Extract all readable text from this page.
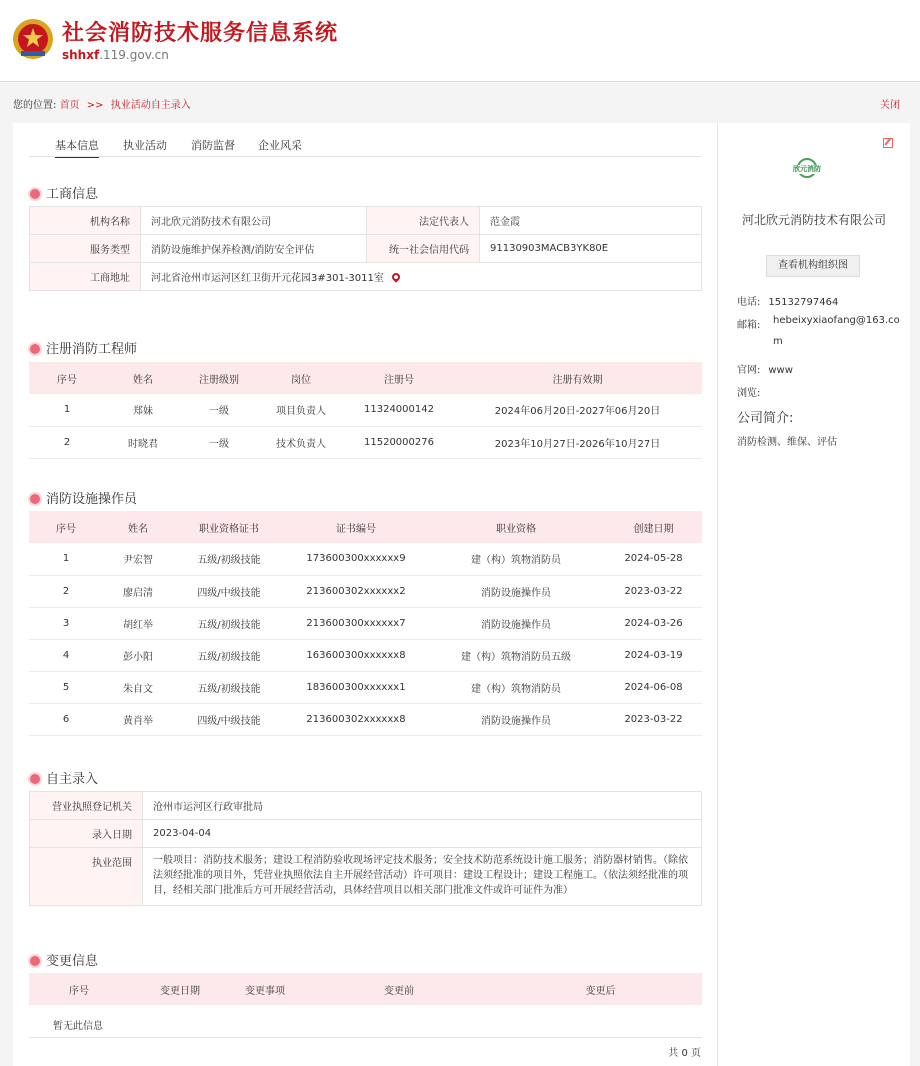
社会消防技术服务信息系统
shhxf.119.gov.cn
您的位置: 首页 >> 执业活动自主录入	关闭
基本信息 执业活动 消防监督 企业风采
工商信息
机构名称	河北欣元消防技术有限公司	法定代表人	范金霞
服务类型	消防设施维护保养检测/消防安全评估	统一社会信用代码	91130903MACB3YK80E
工商地址	河北省沧州市运河区红卫街开元花园3#301-3011室		
注册消防工程师
序号	姓名	注册级别	岗位	注册号	注册有效期
1	郑妹	一级	项目负责人	11324000142	2024年06月20日-2027年06月20日
2	时晓君	一级	技术负责人	11520000276	2023年10月27日-2026年10月27日
消防设施操作员
序号	姓名	职业资格证书	证书编号	职业资格	创建日期
1	尹宏智	五级/初级技能	173600300xxxxxx9	建（构）筑物消防员	2024-05-28
2	廖启清	四级/中级技能	213600302xxxxxx2	消防设施操作员	2023-03-22
3	胡红举	五级/初级技能	213600300xxxxxx7	消防设施操作员	2024-03-26
4	彭小阳	五级/初级技能	163600300xxxxxx8	建（构）筑物消防员五级	2024-03-19
5	朱自文	五级/初级技能	183600300xxxxxx1	建（构）筑物消防员	2024-06-08
6	黄肖举	四级/中级技能	213600302xxxxxx8	消防设施操作员	2023-03-22
自主录入
营业执照登记机关	沧州市运河区行政审批局
录入日期	2023-04-04
执业范围	一般项目：消防技术服务；建设工程消防验收现场评定技术服务；安全技术防范系统设计施工服务；消防器材销售。（除依法须经批准的项目外，凭营业执照依法自主开展经营活动）许可项目：建设工程设计；建设工程施工。（依法须经批准的项目，经相关部门批准后方可开展经营活动，具体经营项目以相关部门批准文件或许可证件为准）
变更信息
序号	变更日期	变更事项	变更前	变更后
暂无此信息
共 0 页
欣元消防
河北欣元消防技术有限公司
查看机构组织图
电话: 15132797464
邮箱: hebeixyxiaofang@163.com
官网: www
浏览:
公司简介:
消防检测、维保、评估
